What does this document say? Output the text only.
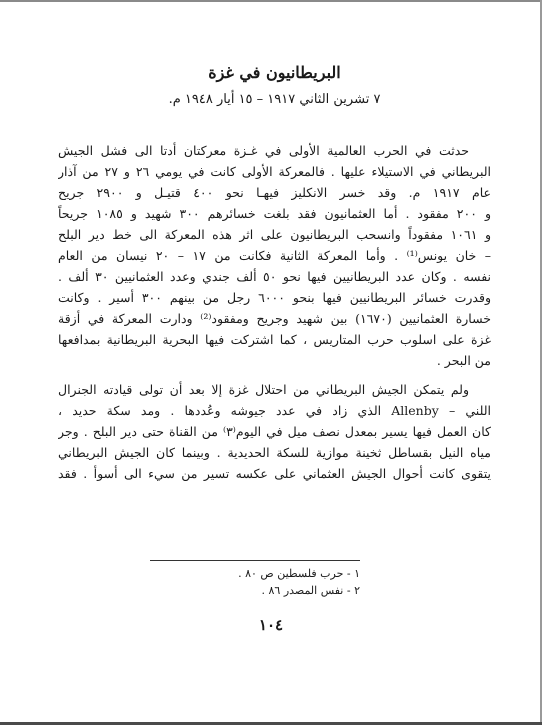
البريطانيون في غزة

٧ تشرين الثاني ١٩١٧ – ١٥ أيار ١٩٤٨ م.

حدثت في الحرب العالمية الأولى في غـزة معركتان أدتا الى فشل الجيش
البريطاني في الاستيلاء عليها . فالمعركة الأولى كانت في يومي ٢٦ و ٢٧ من آذار
عام ١٩١٧ م. وقد خسر الانكليز فيهـا نحو ٤٠٠ قتيـل و ٢٩٠٠ جريح
و ٢٠٠ مفقود . أما العثمانيون فقد بلغت خسائرهم ٣٠٠ شهيد و ١٠٨٥ جريحاً
و ١٠٦١ مفقوداً وانسحب البريطانيون على اثر هذه المعركة الى خط دير البلح
– خان يونس⁽¹⁾ . وأما المعركة الثانية فكانت من ١٧ – ٢٠ نيسان من العام
نفسه . وكان عدد البريطانيين فيها نحو ٥٠ ألف جندي وعدد العثمانيين ٣٠ ألف .
وقدرت خسائر البريطانيين فيها بنحو ٦٠٠٠ رجل من بينهم ٣٠٠ أسير . وكانت
خسارة العثمانيين (١٦٧٠) بين شهيد وجريح ومفقود⁽²⁾ ودارت المعركة في أزقة
غزة على اسلوب حرب المتاريس ، كما اشتركت فيها البحرية البريطانية بمدافعها
من البحر .
ولم يتمكن الجيش البريطاني من احتلال غزة إلا بعد أن تولى قيادته الجنرال
اللني – Allenby الذي زاد في عدد جيوشه وعُددها . ومد سكة حديد ،
كان العمل فيها يسير بمعدل نصف ميل في اليوم⁽٣⁾ من القناة حتى دير البلح . وجر
مياه النيل بقساطل ثخينة موازية للسكة الحديدية . وبينما كان الجيش البريطاني
يتقوى كانت أحوال الجيش العثماني على عكسه تسير من سيء الى أسوأ . فقد
١ - حرب فلسطين ص ٨٠ .
٢ - نفس المصدر ٨٦ .
١٠٤
